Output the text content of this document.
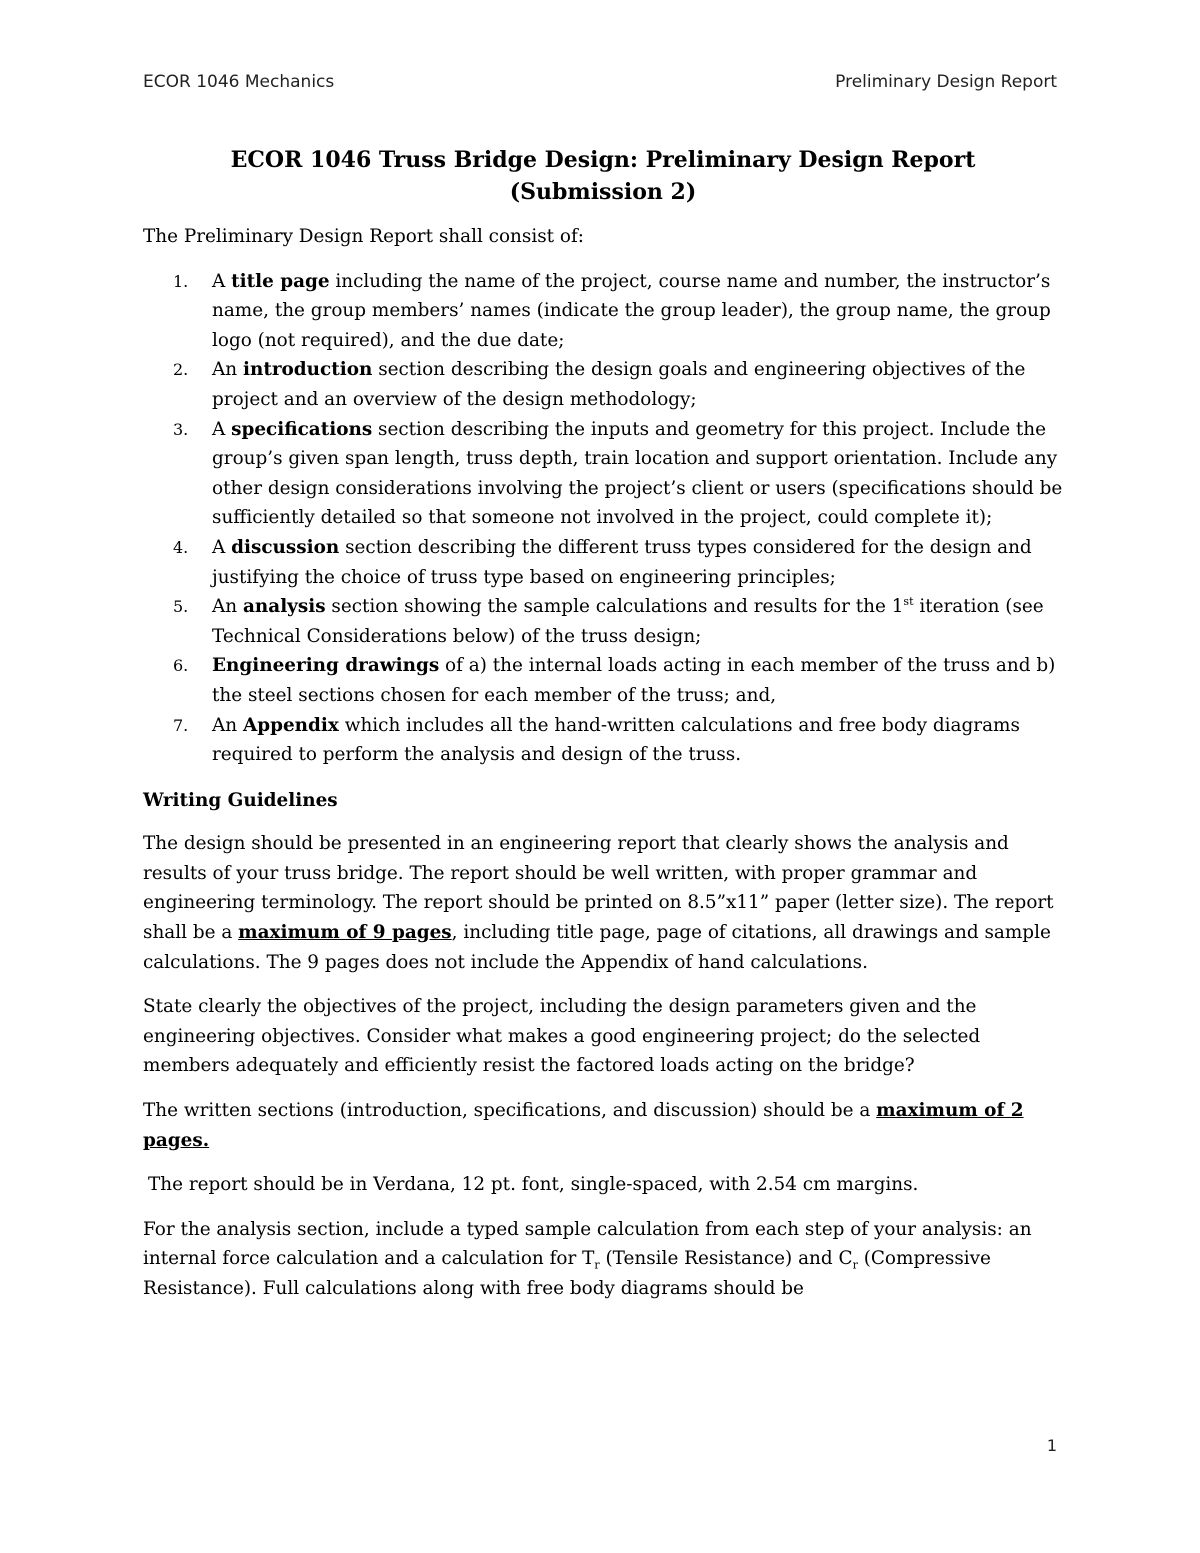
ECOR 1046 Mechanics	Preliminary Design Report
ECOR 1046 Truss Bridge Design: Preliminary Design Report
(Submission 2)

The Preliminary Design Report shall consist of:

1. A title page including the name of the project, course name and number, the instructor’s name, the group members’ names (indicate the group leader), the group name, the group logo (not required), and the due date;
2. An introduction section describing the design goals and engineering objectives of the project and an overview of the design methodology;
3. A specifications section describing the inputs and geometry for this project. Include the group’s given span length, truss depth, train location and support orientation. Include any other design considerations involving the project’s client or users (specifications should be sufficiently detailed so that someone not involved in the project, could complete it);
4. A discussion section describing the different truss types considered for the design and justifying the choice of truss type based on engineering principles;
5. An analysis section showing the sample calculations and results for the 1st iteration (see Technical Considerations below) of the truss design;
6. Engineering drawings of a) the internal loads acting in each member of the truss and b) the steel sections chosen for each member of the truss; and,
7. An Appendix which includes all the hand-written calculations and free body diagrams required to perform the analysis and design of the truss.
Writing Guidelines

The design should be presented in an engineering report that clearly shows the analysis and results of your truss bridge. The report should be well written, with proper grammar and engineering terminology. The report should be printed on 8.5”x11” paper (letter size). The report shall be a maximum of 9 pages, including title page, page of citations, all drawings and sample calculations. The 9 pages does not include the Appendix of hand calculations.

State clearly the objectives of the project, including the design parameters given and the engineering objectives. Consider what makes a good engineering project; do the selected members adequately and efficiently resist the factored loads acting on the bridge?

The written sections (introduction, specifications, and discussion) should be a maximum of 2 pages.

The report should be in Verdana, 12 pt. font, single-spaced, with 2.54 cm margins.

For the analysis section, include a typed sample calculation from each step of your analysis: an internal force calculation and a calculation for $T_r$ (Tensile Resistance) and $C_r$ (Compressive Resistance). Full calculations along with free body diagrams should be

1
